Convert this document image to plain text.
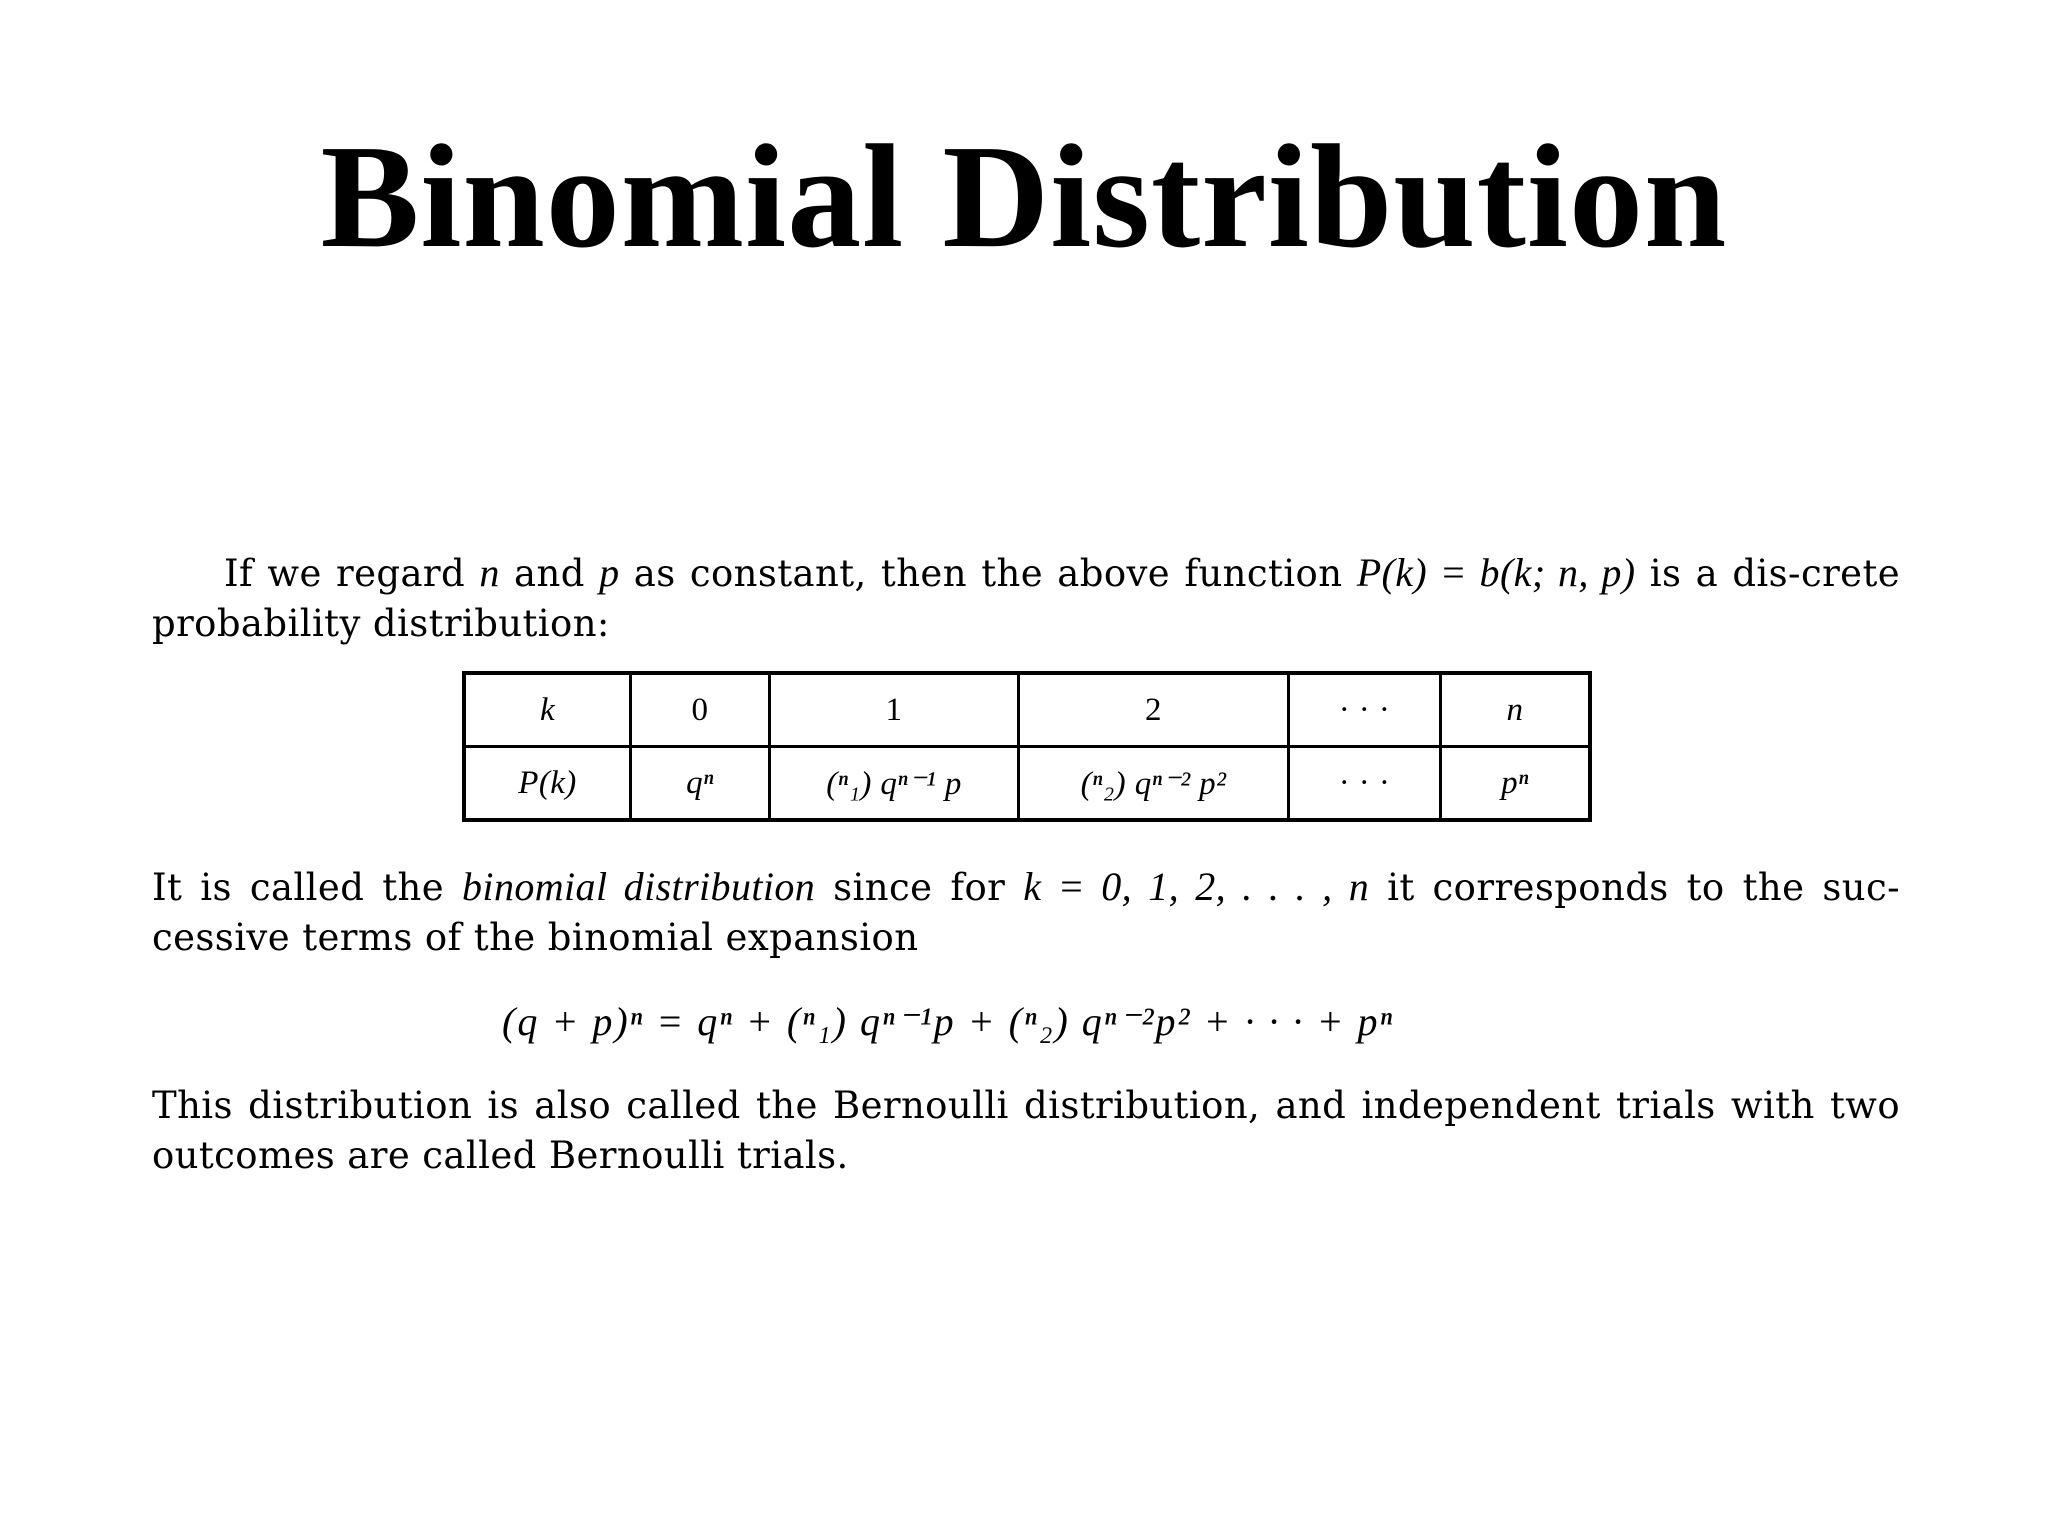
Binomial Distribution

If we regard n and p as constant, then the above function P(k) = b(k; n, p) is a dis-crete probability distribution:

k	0	1	2	· · ·	n
P(k)	qⁿ	(ⁿ₁) qⁿ⁻¹ p	(ⁿ₂) qⁿ⁻² p²	· · ·	pⁿ

It is called the binomial distribution since for k = 0, 1, 2, . . . , n it corresponds to the suc-cessive terms of the binomial expansion

(q + p)ⁿ = qⁿ + (ⁿ₁) qⁿ⁻¹p + (ⁿ₂) qⁿ⁻²p² + · · · + pⁿ

This distribution is also called the Bernoulli distribution, and independent trials with two outcomes are called Bernoulli trials.
